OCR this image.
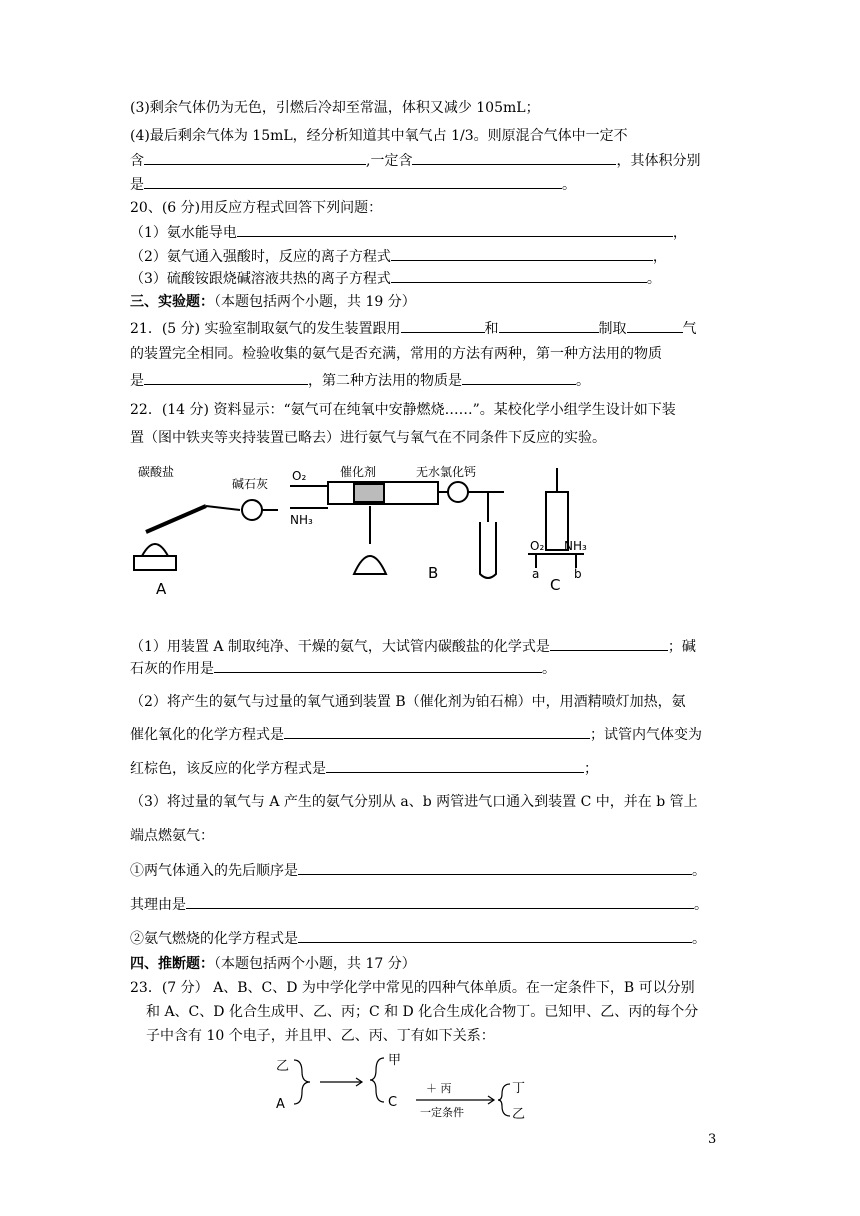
(3)剩余气体仍为无色，引燃后冷却至常温，体积又减少 105mL；
(4)最后剩余气体为 15mL，经分析知道其中氧气占 1/3。则原混合气体中一定不
含	,一定含	，其体积分别
是	。
20、(6 分)用反应方程式回答下列问题：
（1）氨水能导电	，
（2）氨气通入强酸时，反应的离子方程式	，
（3）硫酸铵跟烧碱溶液共热的离子方程式	。
三、实验题：（本题包括两个小题，共 19 分）
21．(5 分) 实验室制取氨气的发生装置跟用	和	制取	气
的装置完全相同。检验收集的氨气是否充满，常用的方法有两种，第一种方法用的物质
是	，第二种方法用的物质是	。
22．(14 分) 资料显示：“氨气可在纯氧中安静燃烧……”。某校化学小组学生设计如下装
置（图中铁夹等夹持装置已略去）进行氨气与氧气在不同条件下反应的实验。
碳酸盐
碱石灰
O₂
NH₃
催化剂	无水氯化钙
O₂ NH₃
a	b
A
B
C
（1）用装置 A 制取纯净、干燥的氨气，大试管内碳酸盐的化学式是	；碱
石灰的作用是	。
（2）将产生的氨气与过量的氧气通到装置 B（催化剂为铂石棉）中，用酒精喷灯加热，氨
催化氧化的化学方程式是	；试管内气体变为
红棕色，该反应的化学方程式是	；
（3）将过量的氧气与 A 产生的氨气分别从 a、b 两管进气口通入到装置 C 中，并在 b 管上
端点燃氨气：
①两气体通入的先后顺序是	。
其理由是	。
②氨气燃烧的化学方程式是	。
四、推断题：（本题包括两个小题，共 17 分）
23．(7 分） A、B、C、D 为中学化学中常见的四种气体单质。在一定条件下，B 可以分别
和 A、C、D 化合生成甲、乙、丙；C 和 D 化合生成化合物丁。已知甲、乙、丙的每个分
子中含有 10 个电子，并且甲、乙、丙、丁有如下关系：
乙
A
甲
C
丁
乙
＋ 丙
一定条件
3
